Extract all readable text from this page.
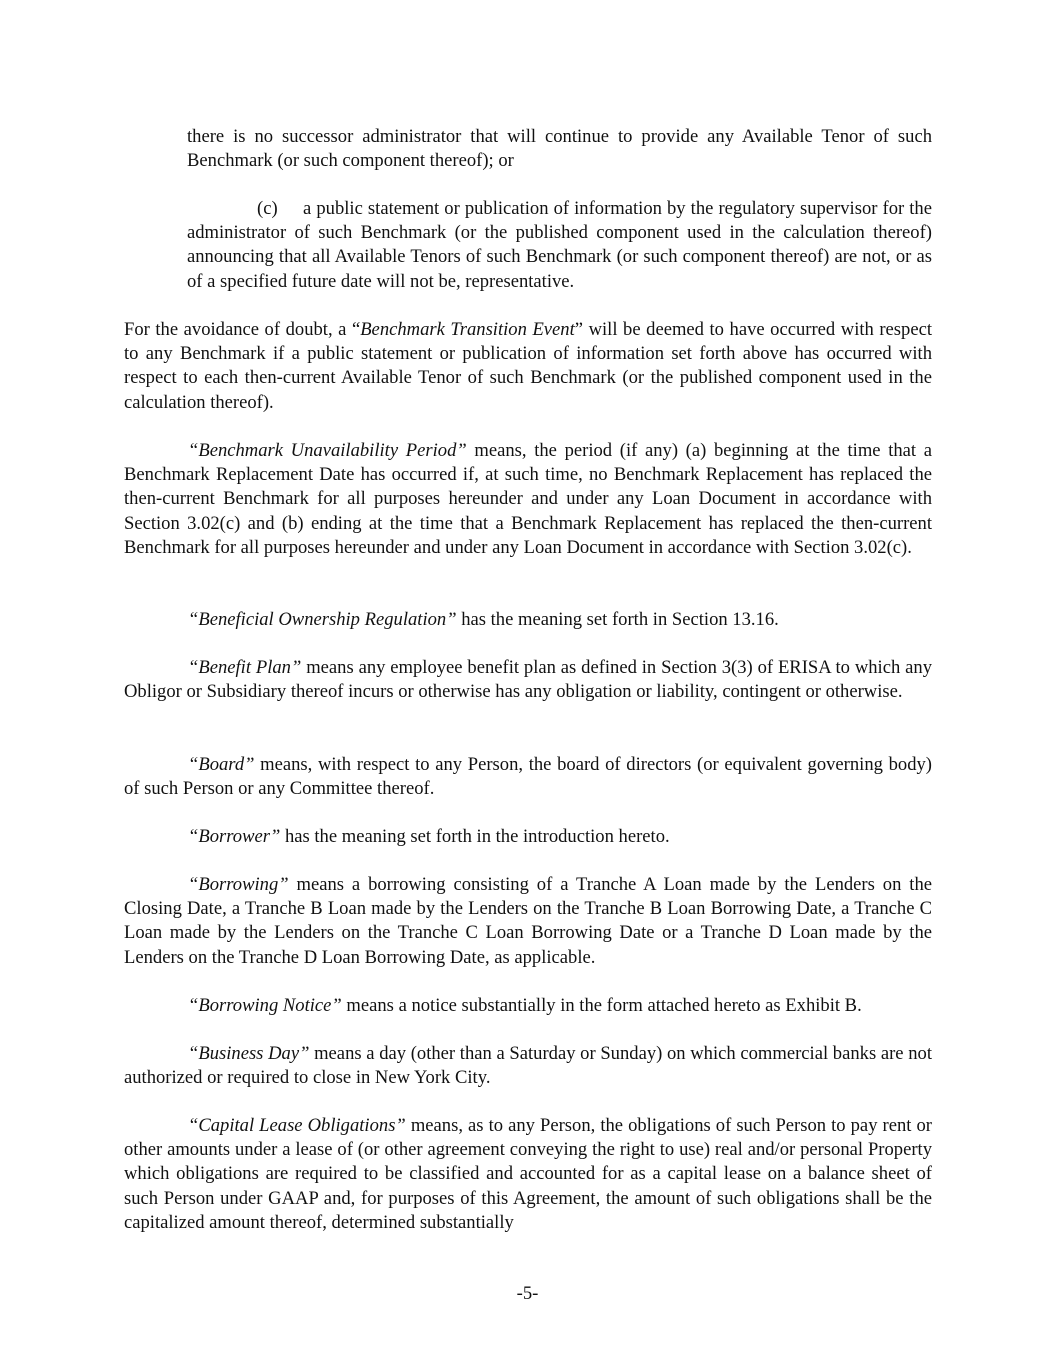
there is no successor administrator that will continue to provide any Available Tenor of such Benchmark (or such component thereof); or

(c) a public statement or publication of information by the regulatory supervisor for the administrator of such Benchmark (or the published component used in the calculation thereof) announcing that all Available Tenors of such Benchmark (or such component thereof) are not, or as of a specified future date will not be, representative.

For the avoidance of doubt, a “Benchmark Transition Event” will be deemed to have occurred with respect to any Benchmark if a public statement or publication of information set forth above has occurred with respect to each then-current Available Tenor of such Benchmark (or the published component used in the calculation thereof).

“Benchmark Unavailability Period” means, the period (if any) (a) beginning at the time that a Benchmark Replacement Date has occurred if, at such time, no Benchmark Replacement has replaced the then-current Benchmark for all purposes hereunder and under any Loan Document in accordance with Section 3.02(c) and (b) ending at the time that a Benchmark Replacement has replaced the then-current Benchmark for all purposes hereunder and under any Loan Document in accordance with Section 3.02(c).

“Beneficial Ownership Regulation” has the meaning set forth in Section 13.16.

“Benefit Plan” means any employee benefit plan as defined in Section 3(3) of ERISA to which any Obligor or Subsidiary thereof incurs or otherwise has any obligation or liability, contingent or otherwise.

“Board” means, with respect to any Person, the board of directors (or equivalent governing body) of such Person or any Committee thereof.

“Borrower” has the meaning set forth in the introduction hereto.

“Borrowing” means a borrowing consisting of a Tranche A Loan made by the Lenders on the Closing Date, a Tranche B Loan made by the Lenders on the Tranche B Loan Borrowing Date, a Tranche C Loan made by the Lenders on the Tranche C Loan Borrowing Date or a Tranche D Loan made by the Lenders on the Tranche D Loan Borrowing Date, as applicable.

“Borrowing Notice” means a notice substantially in the form attached hereto as Exhibit B.

“Business Day” means a day (other than a Saturday or Sunday) on which commercial banks are not authorized or required to close in New York City.

“Capital Lease Obligations” means, as to any Person, the obligations of such Person to pay rent or other amounts under a lease of (or other agreement conveying the right to use) real and/or personal Property which obligations are required to be classified and accounted for as a capital lease on a balance sheet of such Person under GAAP and, for purposes of this Agreement, the amount of such obligations shall be the capitalized amount thereof, determined substantially

-5-
